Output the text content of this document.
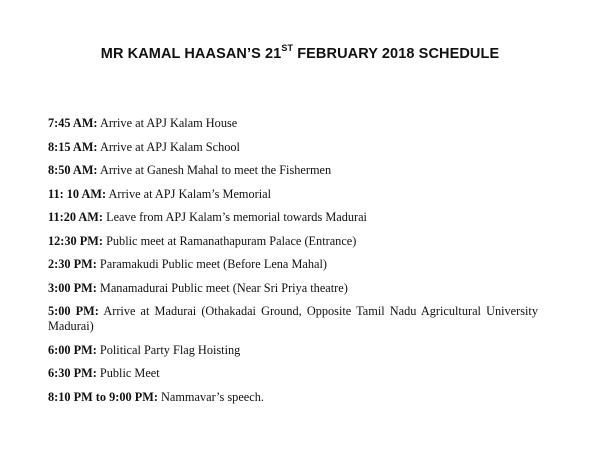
MR KAMAL HAASAN’S 21ST FEBRUARY 2018 SCHEDULE

7:45 AM: Arrive at APJ Kalam House

8:15 AM: Arrive at APJ Kalam School

8:50 AM: Arrive at Ganesh Mahal to meet the Fishermen

11: 10 AM: Arrive at APJ Kalam’s Memorial

11:20 AM: Leave from APJ Kalam’s memorial towards Madurai

12:30 PM: Public meet at Ramanathapuram Palace (Entrance)

2:30 PM: Paramakudi Public meet (Before Lena Mahal)

3:00 PM: Manamadurai Public meet (Near Sri Priya theatre)

5:00 PM: Arrive at Madurai (Othakadai Ground, Opposite Tamil Nadu Agricultural University Madurai)

6:00 PM: Political Party Flag Hoisting

6:30 PM: Public Meet

8:10 PM to 9:00 PM: Nammavar’s speech.
